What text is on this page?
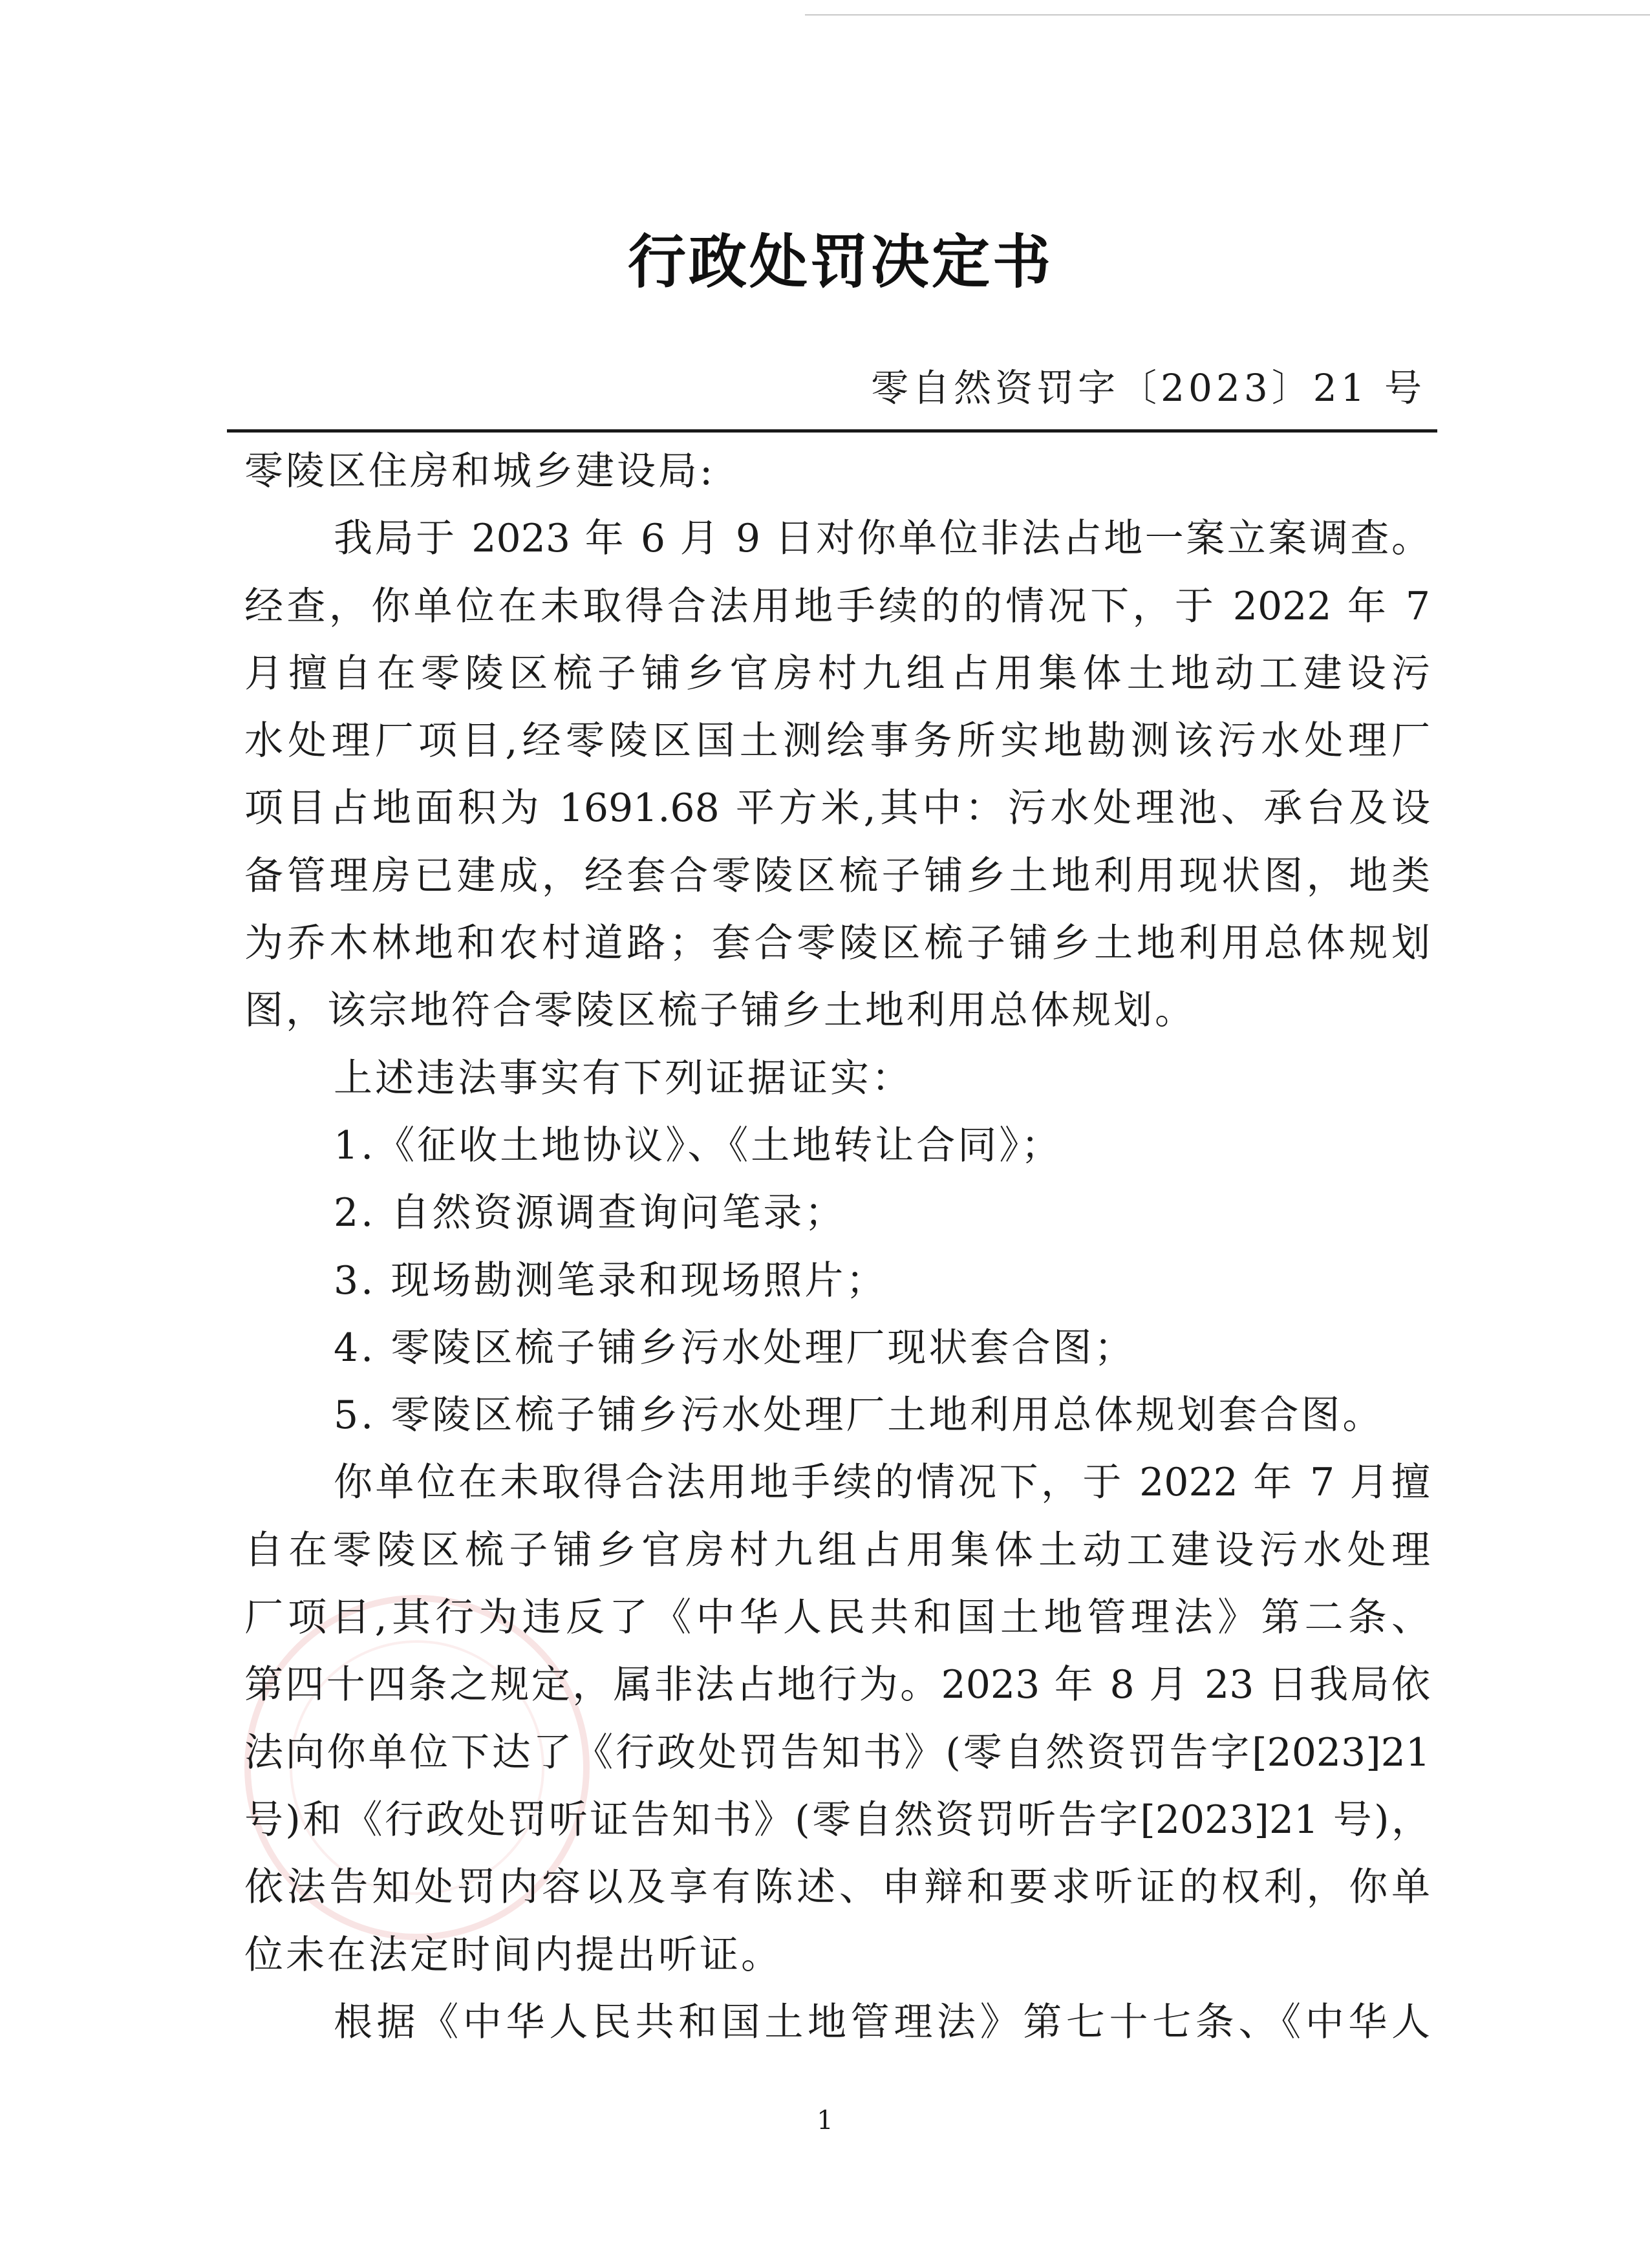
行政处罚决定书
零自然资罚字〔2023〕21 号
零陵区住房和城乡建设局:
我局于 2023 年 6 月 9 日对你单位非法占地一案立案调查。
经查，你单位在未取得合法用地手续的的情况下，于 2022 年 7
月擅自在零陵区梳子铺乡官房村九组占用集体土地动工建设污
水处理厂项目,经零陵区国土测绘事务所实地勘测该污水处理厂
项目占地面积为 1691.68 平方米,其中：污水处理池、承台及设
备管理房已建成，经套合零陵区梳子铺乡土地利用现状图，地类
为乔木林地和农村道路；套合零陵区梳子铺乡土地利用总体规划
图，该宗地符合零陵区梳子铺乡土地利用总体规划。
上述违法事实有下列证据证实：
1.《征收土地协议》、《土地转让合同》；
2. 自然资源调查询问笔录；
3. 现场勘测笔录和现场照片；
4. 零陵区梳子铺乡污水处理厂现状套合图；
5. 零陵区梳子铺乡污水处理厂土地利用总体规划套合图。
你单位在未取得合法用地手续的情况下，于 2022 年 7 月擅
自在零陵区梳子铺乡官房村九组占用集体土动工建设污水处理
厂项目,其行为违反了《中华人民共和国土地管理法》第二条、
第四十四条之规定，属非法占地行为。2023 年 8 月 23 日我局依
法向你单位下达了《行政处罚告知书》(零自然资罚告字[2023]21
号)和《行政处罚听证告知书》(零自然资罚听告字[2023]21 号)，
依法告知处罚内容以及享有陈述、申辩和要求听证的权利，你单
位未在法定时间内提出听证。
根据《中华人民共和国土地管理法》第七十七条、《中华人
1
